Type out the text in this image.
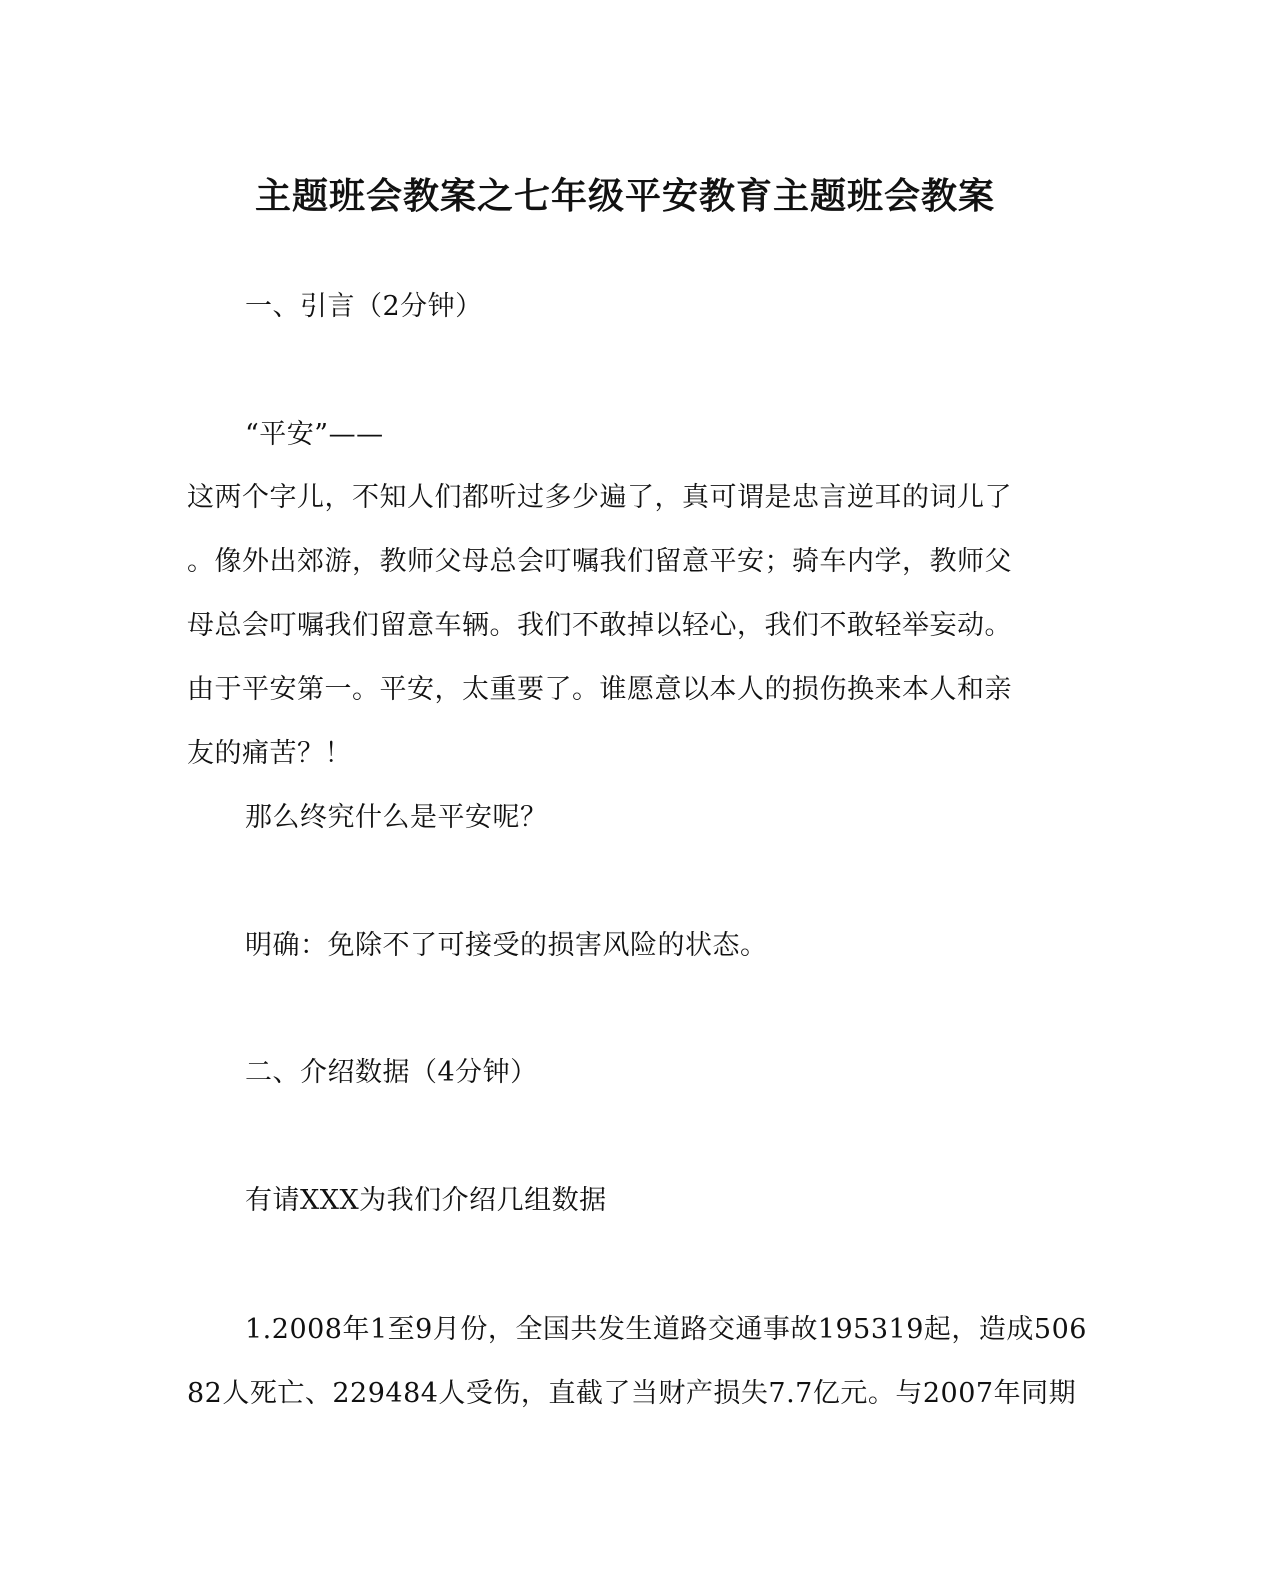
主题班会教案之七年级平安教育主题班会教案
一、引言（2分钟）
“平安”——
这两个字儿，不知人们都听过多少遍了，真可谓是忠言逆耳的词儿了
。像外出郊游，教师父母总会叮嘱我们留意平安；骑车内学，教师父
母总会叮嘱我们留意车辆。我们不敢掉以轻心，我们不敢轻举妄动。
由于平安第一。平安，太重要了。谁愿意以本人的损伤换来本人和亲
友的痛苦？！
那么终究什么是平安呢？
明确：免除不了可接受的损害风险的状态。
二、介绍数据（4分钟）
有请XXX为我们介绍几组数据
1.2008年1至9月份，全国共发生道路交通事故195319起，造成506
82人死亡、229484人受伤，直截了当财产损失7.7亿元。与2007年同期
